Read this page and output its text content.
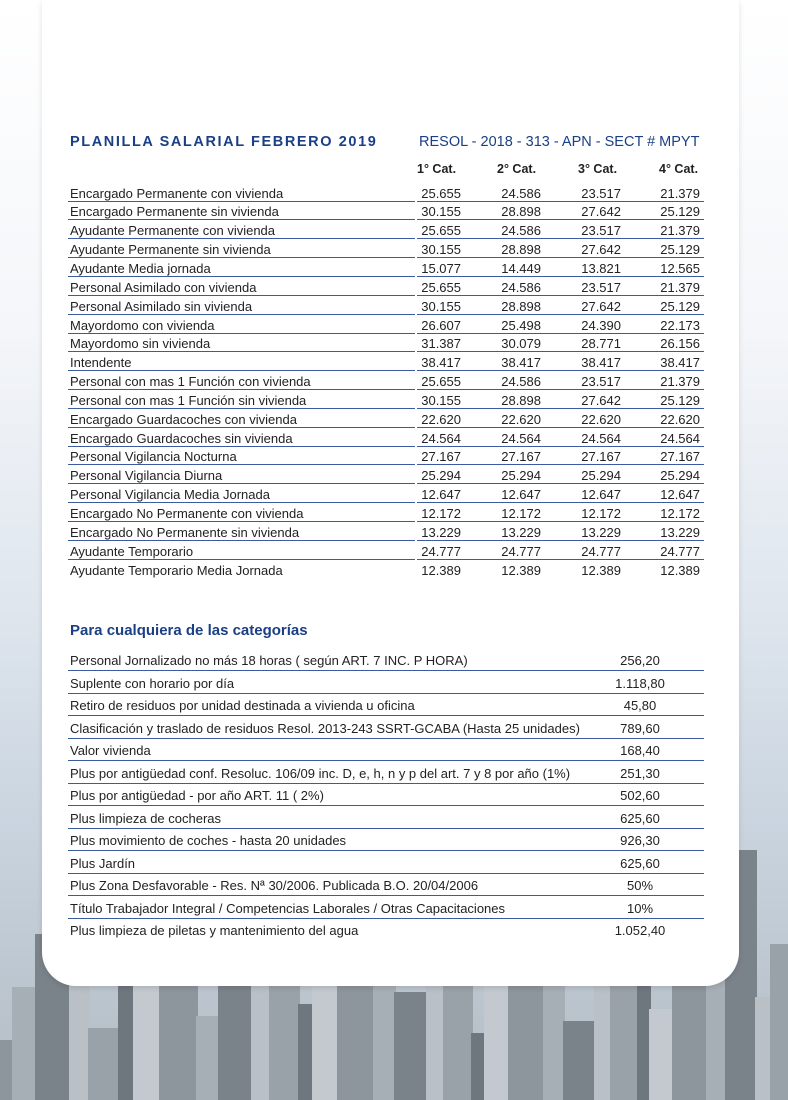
PLANILLA SALARIAL FEBRERO 2019	RESOL - 2018 - 313 - APN - SECT # MPYT
1° Cat.	2° Cat.	3° Cat.	4° Cat.
Encargado Permanente con vivienda	25.655	24.586	23.517	21.379
Encargado Permanente sin vivienda	30.155	28.898	27.642	25.129
Ayudante Permanente con vivienda	25.655	24.586	23.517	21.379
Ayudante Permanente sin vivienda	30.155	28.898	27.642	25.129
Ayudante Media jornada	15.077	14.449	13.821	12.565
Personal Asimilado con vivienda	25.655	24.586	23.517	21.379
Personal Asimilado sin vivienda	30.155	28.898	27.642	25.129
Mayordomo con vivienda	26.607	25.498	24.390	22.173
Mayordomo sin vivienda	31.387	30.079	28.771	26.156
Intendente	38.417	38.417	38.417	38.417
Personal con mas 1 Función con vivienda	25.655	24.586	23.517	21.379
Personal con mas 1 Función sin vivienda	30.155	28.898	27.642	25.129
Encargado Guardacoches con vivienda	22.620	22.620	22.620	22.620
Encargado Guardacoches sin vivienda	24.564	24.564	24.564	24.564
Personal Vigilancia Nocturna	27.167	27.167	27.167	27.167
Personal Vigilancia Diurna	25.294	25.294	25.294	25.294
Personal Vigilancia Media Jornada	12.647	12.647	12.647	12.647
Encargado No Permanente con vivienda	12.172	12.172	12.172	12.172
Encargado No Permanente sin vivienda	13.229	13.229	13.229	13.229
Ayudante Temporario	24.777	24.777	24.777	24.777
Ayudante Temporario Media Jornada	12.389	12.389	12.389	12.389
Para cualquiera de las categorías
Personal Jornalizado no más 18 horas ( según ART. 7 INC. P HORA)	256,20
Suplente con horario por día	1.118,80
Retiro de residuos por unidad destinada a vivienda u oficina	45,80
Clasificación y traslado de residuos Resol. 2013-243 SSRT-GCABA (Hasta 25 unidades)	789,60
Valor vivienda	168,40
Plus por antigüedad conf. Resoluc. 106/09 inc. D, e, h, n y p del art. 7 y 8 por año (1%)	251,30
Plus por antigüedad - por año ART. 11 ( 2%)	502,60
Plus limpieza de cocheras	625,60
Plus movimiento de coches - hasta 20 unidades	926,30
Plus Jardín	625,60
Plus Zona Desfavorable - Res. Nª 30/2006. Publicada B.O. 20/04/2006	50%
Título Trabajador Integral / Competencias Laborales / Otras Capacitaciones	10%
Plus limpieza de piletas y mantenimiento del agua	1.052,40
